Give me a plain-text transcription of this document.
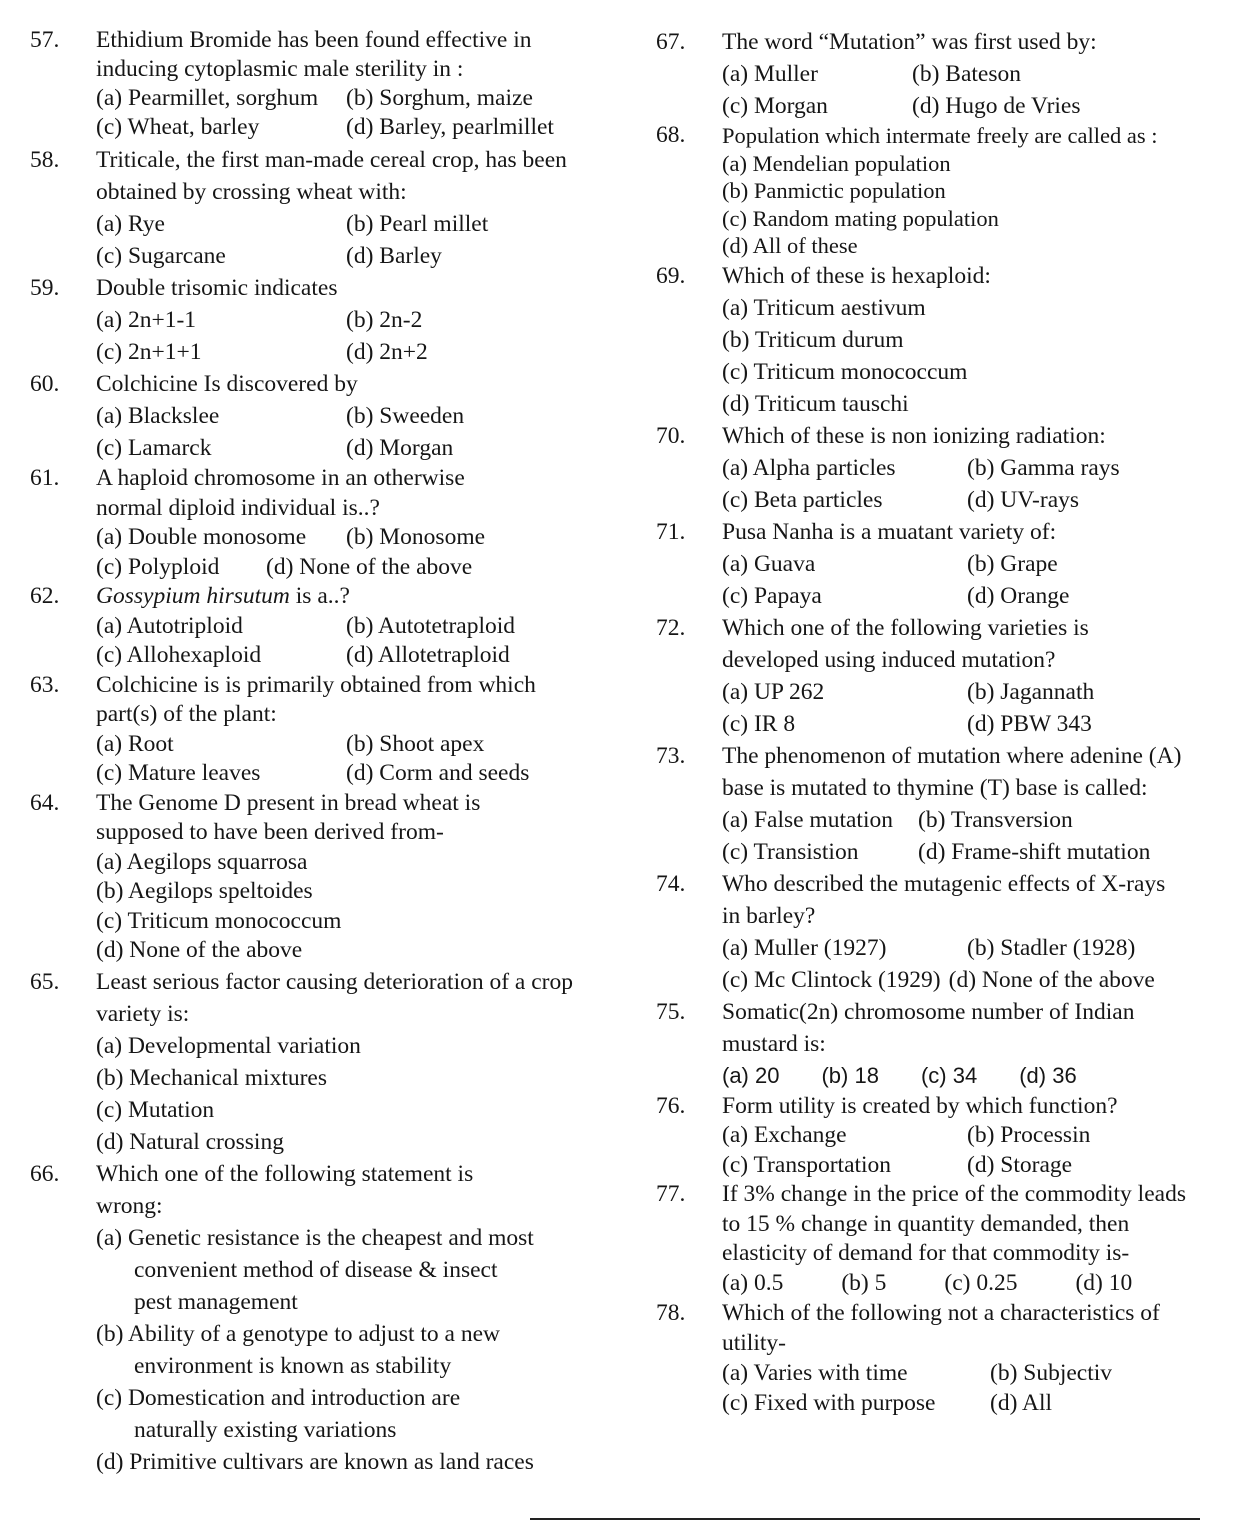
57.	Ethidium Bromide has been found effective in inducing cytoplasmic male sterility in :
(a) Pearmillet, sorghum	(b) Sorghum, maize
(c) Wheat, barley	(d) Barley, pearlmillet
58.	Triticale, the first man-made cereal crop, has been obtained by crossing wheat with:
(a) Rye	(b) Pearl millet
(c) Sugarcane	(d) Barley
59.	Double trisomic indicates
(a) 2n+1-1	(b) 2n-2
(c) 2n+1+1	(d) 2n+2
60.	Colchicine Is discovered by
(a) Blackslee	(b) Sweeden
(c) Lamarck	(d) Morgan
61.	A haploid chromosome in an otherwise normal diploid individual is..?
(a) Double monosome	(b) Monosome
(c) Polyploid	(d) None of the above
62.	Gossypium hirsutum is a..?
(a) Autotriploid	(b) Autotetraploid
(c) Allohexaploid	(d) Allotetraploid
63.	Colchicine is is primarily obtained from which part(s) of the plant:
(a) Root	(b) Shoot apex
(c) Mature leaves	(d) Corm and seeds
64.	The Genome D present in bread wheat is supposed to have been derived from-
(a) Aegilops squarrosa
(b) Aegilops speltoides
(c) Triticum monococcum
(d) None of the above
65.	Least serious factor causing deterioration of a crop variety is:
(a) Developmental variation
(b) Mechanical mixtures
(c) Mutation
(d) Natural crossing
66.	Which one of the following statement is wrong:
(a) Genetic resistance is the cheapest and most convenient method of disease & insect pest management
(b) Ability of a genotype to adjust to a new environment is known as stability
(c) Domestication and introduction are naturally existing variations
(d) Primitive cultivars are known as land races
67.	The word “Mutation” was first used by:
(a) Muller	(b) Bateson
(c) Morgan	(d) Hugo de Vries
68.	Population which intermate freely are called as :
(a) Mendelian population
(b) Panmictic population
(c) Random mating population
(d) All of these
69.	Which of these is hexaploid:
(a) Triticum aestivum
(b) Triticum durum
(c) Triticum monococcum
(d) Triticum tauschi
70.	Which of these is non ionizing radiation:
(a) Alpha particles	(b) Gamma rays
(c) Beta particles	(d) UV-rays
71.	Pusa Nanha is a muatant variety of:
(a) Guava	(b) Grape
(c) Papaya	(d) Orange
72.	Which one of the following varieties is developed using induced mutation?
(a) UP 262	(b) Jagannath
(c) IR 8	(d) PBW 343
73.	The phenomenon of mutation where adenine (A) base is mutated to thymine (T) base is called:
(a) False mutation	(b) Transversion
(c) Transistion	(d) Frame-shift mutation
74.	Who described the mutagenic effects of X-rays in barley?
(a) Muller (1927)	(b) Stadler (1928)
(c) Mc Clintock (1929) (d) None of the above
75.	Somatic(2n) chromosome number of Indian mustard is:
(a) 20 (b) 18 (c) 34 (d) 36
76.	Form utility is created by which function?
(a) Exchange	(b) Processin
(c) Transportation	(d) Storage
77.	If 3% change in the price of the commodity leads to 15 % change in quantity demanded, then elasticity of demand for that commodity is-
(a) 0.5 (b) 5 (c) 0.25 (d) 10
78.	Which of the following not a characteristics of utility-
(a) Varies with time	(b) Subjectiv
(c) Fixed with purpose	(d) All
